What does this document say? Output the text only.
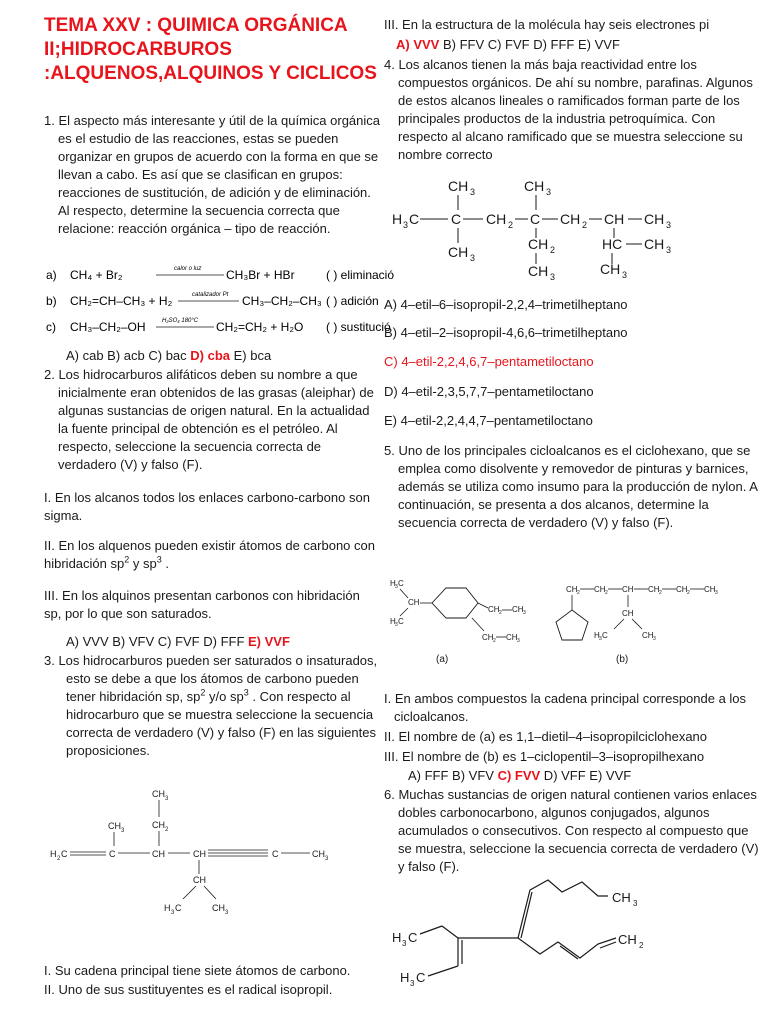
TEMA XXV : QUIMICA ORGÁNICA II;HIDROCARBUROS :ALQUENOS,ALQUINOS Y CICLICOS
1. El aspecto más interesante y útil de la química orgánica es el estudio de las reacciones, estas se pueden organizar en grupos de acuerdo con la forma en que se llevan a cabo. Es así que se clasifican en grupos: reacciones de sustitución, de adición y de eliminación. Al respecto, determine la secuencia correcta que relacione: reacción orgánica – tipo de reacción.
a) CH₄ + Br₂	calor o luz CH₃Br + HBr	( ) eliminació
b) CH₂=CH–CH₃ + H₂	catalizador Pt CH₃–CH₂–CH₃ ( ) adición
c) CH₃–CH₂–OH	H₂SO₄ 180°C CH₂=CH₂ + H₂O ( ) sustitució
A) cab B) acb C) bac D) cba E) bca
2. Los hidrocarburos alifáticos deben su nombre a que inicialmente eran obtenidos de las grasas (aleiphar) de algunas sustancias de origen natural. En la actualidad la fuente principal de obtención es el petróleo. Al respecto, seleccione la secuencia correcta de verdadero (V) y falso (F).
I. En los alcanos todos los enlaces carbono-carbono son sigma.
II. En los alquenos pueden existir átomos de carbono con hibridación $sp^2$ y $sp^3$ .
III. En los alquinos presentan carbonos con hibridación sp, por lo que son saturados.
A) VVV B) VFV C) FVF D) FFF E) VVF
3. Los hidrocarburos pueden ser saturados o insaturados, esto se debe a que los átomos de carbono pueden tener hibridación sp, $sp^2$ y/o $sp^3$ . Con respecto al hidrocarburo que se muestra seleccione la secuencia correcta de verdadero (V) y falso (F) en las siguientes proposiciones.
CH 3
CH 2
CH 3
H 2 C	C	CH	CH	C	CH 3
CH
H 3 C	CH 3
I. Su cadena principal tiene siete átomos de carbono.
II. Uno de sus sustituyentes es el radical isopropil.
III. En la estructura de la molécula hay seis electrones pi
A) VVV B) FFV C) FVF D) FFF E) VVF
4. Los alcanos tienen la más baja reactividad entre los compuestos orgánicos. De ahí su nombre, parafinas. Algunos de estos alcanos lineales o ramificados forman parte de los principales productos de la industria petroquímica. Con respecto al alcano ramificado que se muestra seleccione su nombre correcto
CH 3	CH 3
H 3 C C CH 2 C CH 2 CH CH 3
CH 3
CH 2	HC CH 3
CH 3	CH 3
A) 4–etil–6–isopropil-2,2,4–trimetilheptano
B) 4–etil–2–isopropil-4,6,6–trimetilheptano
C) 4–etil-2,2,4,6,7–pentametiloctano
D) 4–etil-2,3,5,7,7–pentametiloctano
E) 4–etil-2,2,4,4,7–pentametiloctano
5. Uno de los principales cicloalcanos es el ciclohexano, que se emplea como disolvente y removedor de pinturas y barnices, además se utiliza como insumo para la producción de nylon. A continuación, se presenta a dos alcanos, determine la secuencia correcta de verdadero (V) y falso (F).
H 3 C
CH
H 3 C
CH 2 CH 3
CH 2 CH 3
(a)
CH 2 CH 2 CH CH 2 CH 2 CH 3
CH
H 3 C	CH 3
(b)
I. En ambos compuestos la cadena principal corresponde a los cicloalcanos.
II. El nombre de (a) es 1,1–dietil–4–isopropilciclohexano
III. El nombre de (b) es 1–ciclopentil–3–isopropilhexano
A) FFF B) VFV C) FVV D) VFF E) VVF
6. Muchas sustancias de origen natural contienen varios enlaces dobles carbonocarbono, algunos conjugados, algunos acumulados o consecutivos. Con respecto al compuesto que se muestra, seleccione la secuencia correcta de verdadero (V) y falso (F).
CH 3
CH 2
H 3 C
H 3 C
